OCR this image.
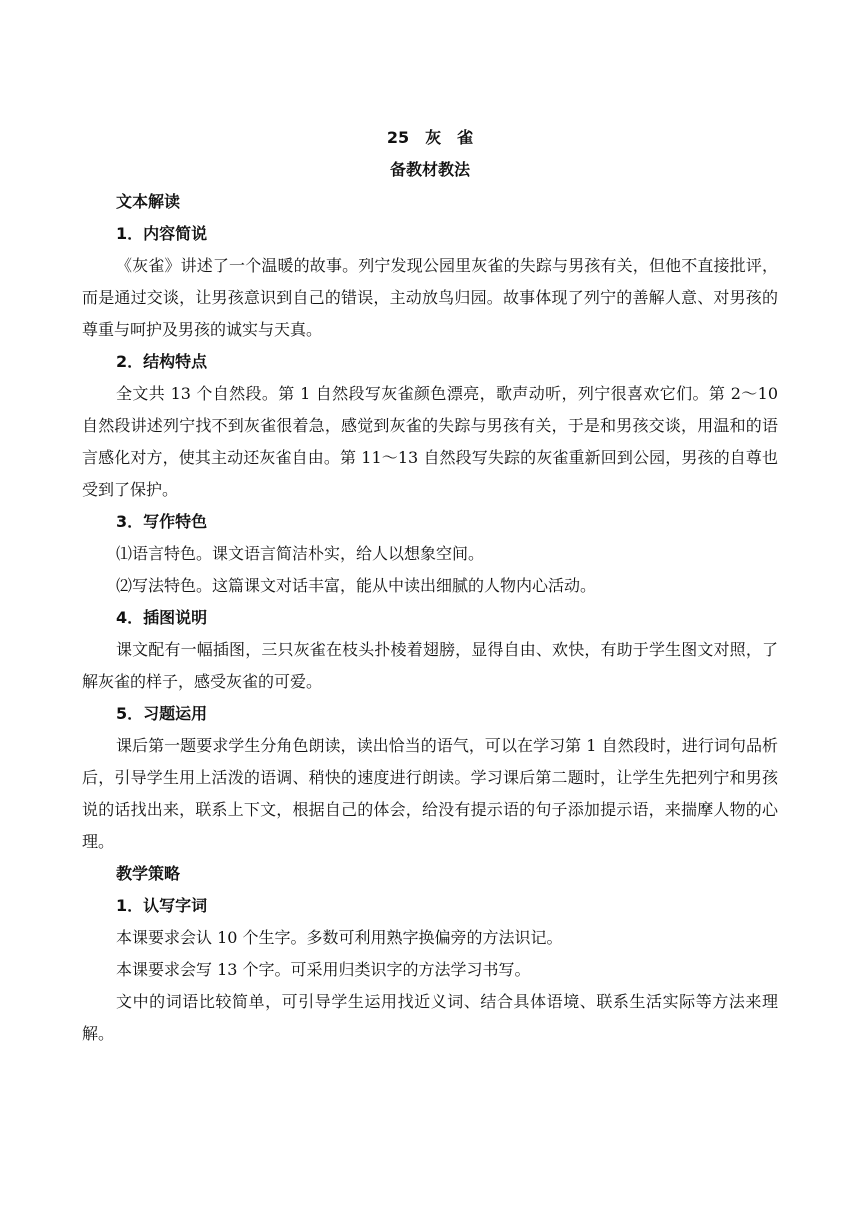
25　灰　雀

备教材教法

文本解读

1．内容简说

《灰雀》讲述了一个温暖的故事。列宁发现公园里灰雀的失踪与男孩有关，但他不直接批评，而是通过交谈，让男孩意识到自己的错误，主动放鸟归园。故事体现了列宁的善解人意、对男孩的尊重与呵护及男孩的诚实与天真。

2．结构特点

全文共 13 个自然段。第 1 自然段写灰雀颜色漂亮，歌声动听，列宁很喜欢它们。第 2～10 自然段讲述列宁找不到灰雀很着急，感觉到灰雀的失踪与男孩有关，于是和男孩交谈，用温和的语言感化对方，使其主动还灰雀自由。第 11～13 自然段写失踪的灰雀重新回到公园，男孩的自尊也受到了保护。

3．写作特色

⑴语言特色。课文语言简洁朴实，给人以想象空间。

⑵写法特色。这篇课文对话丰富，能从中读出细腻的人物内心活动。

4．插图说明

课文配有一幅插图，三只灰雀在枝头扑棱着翅膀，显得自由、欢快，有助于学生图文对照，了解灰雀的样子，感受灰雀的可爱。

5．习题运用

课后第一题要求学生分角色朗读，读出恰当的语气，可以在学习第 1 自然段时，进行词句品析后，引导学生用上活泼的语调、稍快的速度进行朗读。学习课后第二题时，让学生先把列宁和男孩说的话找出来，联系上下文，根据自己的体会，给没有提示语的句子添加提示语，来揣摩人物的心理。

教学策略

1．认写字词

本课要求会认 10 个生字。多数可利用熟字换偏旁的方法识记。

本课要求会写 13 个字。可采用归类识字的方法学习书写。

文中的词语比较简单，可引导学生运用找近义词、结合具体语境、联系生活实际等方法来理解。
